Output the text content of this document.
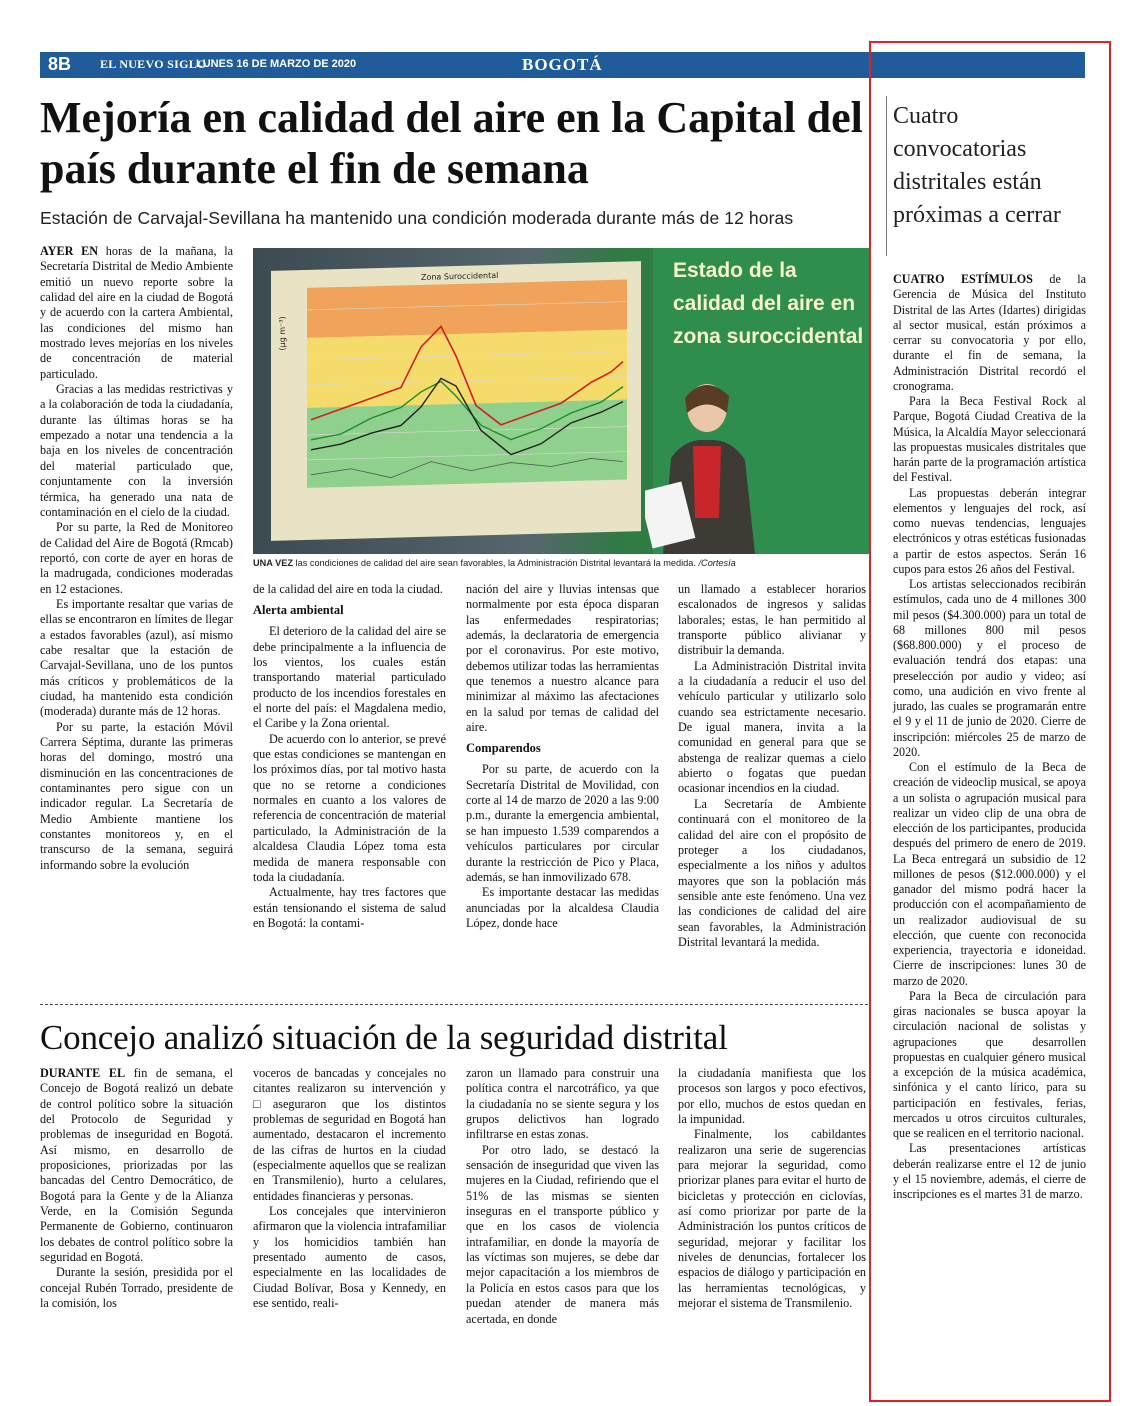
8B EL NUEVO SIGLO
LUNES 16 DE MARZO DE 2020	BOGOTÁ
Mejoría en calidad del aire en la Capital del país durante el fin de semana
Estación de Carvajal-Sevillana ha mantenido una condición moderada durante más de 12 horas

AYER EN horas de la mañana, la Secretaría Distrital de Medio Ambiente emitió un nuevo reporte sobre la calidad del aire en la ciudad de Bogotá y de acuerdo con la cartera Ambiental, las condiciones del mismo han mostrado leves mejorías en los niveles de concentración de material particulado.

Gracias a las medidas restrictivas y a la colaboración de toda la ciudadanía, durante las últimas horas se ha empezado a notar una tendencia a la baja en los niveles de concentración del material particulado que, conjuntamente con la inversión térmica, ha generado una nata de contaminación en el cielo de la ciudad.

Por su parte, la Red de Monitoreo de Calidad del Aire de Bogotá (Rmcab) reportó, con corte de ayer en horas de la madrugada, condiciones moderadas en 12 estaciones.

Es importante resaltar que varias de ellas se encontraron en límites de llegar a estados favorables (azul), así mismo cabe resaltar que la estación de Carvajal-Sevillana, uno de los puntos más críticos y problemáticos de la ciudad, ha mantenido esta condición (moderada) durante más de 12 horas.

Por su parte, la estación Móvil Carrera Séptima, durante las primeras horas del domingo, mostró una disminución en las concentraciones de contaminantes pero sigue con un indicador regular. La Secretaría de Medio Ambiente mantiene los constantes monitoreos y, en el transcurso de la semana, seguirá informando sobre la evolución

Zona Suroccidental
(μg m⁻³)
Estado de la calidad del aire en zona suroccidental
UNA VEZ las condiciones de calidad del aire sean favorables, la Administración Distrital levantará la medida. /Cortesía

de la calidad del aire en toda la ciudad.

Alerta ambiental

El deterioro de la calidad del aire se debe principalmente a la influencia de los vientos, los cuales están transportando material particulado producto de los incendios forestales en el norte del país: el Magdalena medio, el Caribe y la Zona oriental.

De acuerdo con lo anterior, se prevé que estas condiciones se mantengan en los próximos días, por tal motivo hasta que no se retorne a condiciones normales en cuanto a los valores de referencia de concentración de material particulado, la Administración de la alcaldesa Claudia López toma esta medida de manera responsable con toda la ciudadanía.

Actualmente, hay tres factores que están tensionando el sistema de salud en Bogotá: la contami-

nación del aire y lluvias intensas que normalmente por esta época disparan las enfermedades respiratorias; además, la declaratoria de emergencia por el coronavirus. Por este motivo, debemos utilizar todas las herramientas que tenemos a nuestro alcance para minimizar al máximo las afectaciones en la salud por temas de calidad del aire.

Comparendos

Por su parte, de acuerdo con la Secretaría Distrital de Movilidad, con corte al 14 de marzo de 2020 a las 9:00 p.m., durante la emergencia ambiental, se han impuesto 1.539 comparendos a vehículos particulares por circular durante la restricción de Pico y Placa, además, se han inmovilizado 678.

Es importante destacar las medidas anunciadas por la alcaldesa Claudia López, donde hace

un llamado a establecer horarios escalonados de ingresos y salidas laborales; estas, le han permitido al transporte público alivianar y distribuir la demanda.

La Administración Distrital invita a la ciudadanía a reducir el uso del vehículo particular y utilizarlo solo cuando sea estrictamente necesario. De igual manera, invita a la comunidad en general para que se abstenga de realizar quemas a cielo abierto o fogatas que puedan ocasionar incendios en la ciudad.

La Secretaría de Ambiente continuará con el monitoreo de la calidad del aire con el propósito de proteger a los ciudadanos, especialmente a los niños y adultos mayores que son la población más sensible ante este fenómeno. Una vez las condiciones de calidad del aire sean favorables, la Administración Distrital levantará la medida.

Concejo analizó situación de la seguridad distrital

DURANTE EL fin de semana, el Concejo de Bogotá realizó un debate de control político sobre la situación del Protocolo de Seguridad y problemas de inseguridad en Bogotá. Así mismo, en desarrollo de proposiciones, priorizadas por las bancadas del Centro Democrático, de Bogotá para la Gente y de la Alianza Verde, en la Comisión Segunda Permanente de Gobierno, continuaron los debates de control político sobre la seguridad en Bogotá.

Durante la sesión, presidida por el concejal Rubén Torrado, presidente de la comisión, los

voceros de bancadas y concejales no citantes realizaron su intervención y □aseguraron que los distintos problemas de seguridad en Bogotá han aumentado, destacaron el incremento de las cifras de hurtos en la ciudad (especialmente aquellos que se realizan en Transmilenio), hurto a celulares, entidades financieras y personas.

Los concejales que intervinieron afirmaron que la violencia intrafamiliar y los homicidios también han presentado aumento de casos, especialmente en las localidades de Ciudad Bolívar, Bosa y Kennedy, en ese sentido, reali-

zaron un llamado para construir una política contra el narcotráfico, ya que la ciudadanía no se siente segura y los grupos delictivos han logrado infiltrarse en estas zonas.

Por otro lado, se destacó la sensación de inseguridad que viven las mujeres en la Ciudad, refiriendo que el 51% de las mismas se sienten inseguras en el transporte público y que en los casos de violencia intrafamiliar, en donde la mayoría de las víctimas son mujeres, se debe dar mejor capacitación a los miembros de la Policía en estos casos para que los puedan atender de manera más acertada, en donde

la ciudadanía manifiesta que los procesos son largos y poco efectivos, por ello, muchos de estos quedan en la impunidad.

Finalmente, los cabildantes realizaron una serie de sugerencias para mejorar la seguridad, como priorizar planes para evitar el hurto de bicicletas y protección en ciclovías, así como priorizar por parte de la Administración los puntos críticos de seguridad, mejorar y facilitar los niveles de denuncias, fortalecer los espacios de diálogo y participación en las herramientas tecnológicas, y mejorar el sistema de Transmilenio.

Cuatro convocatorias distritales están próximas a cerrar

CUATRO ESTÍMULOS de la Gerencia de Música del Instituto Distrital de las Artes (Idartes) dirigidas al sector musical, están próximos a cerrar su convocatoria y por ello, durante el fin de semana, la Administración Distrital recordó el cronograma.

Para la Beca Festival Rock al Parque, Bogotá Ciudad Creativa de la Música, la Alcaldía Mayor seleccionará las propuestas musicales distritales que harán parte de la programación artística del Festival.

Las propuestas deberán integrar elementos y lenguajes del rock, así como nuevas tendencias, lenguajes electrónicos y otras estéticas fusionadas a partir de estos aspectos. Serán 16 cupos para estos 26 años del Festival.

Los artistas seleccionados recibirán estímulos, cada uno de 4 millones 300 mil pesos ($4.300.000) para un total de 68 millones 800 mil pesos ($68.800.000) y el proceso de evaluación tendrá dos etapas: una preselección por audio y video; así como, una audición en vivo frente al jurado, las cuales se programarán entre el 9 y el 11 de junio de 2020. Cierre de inscripción: miércoles 25 de marzo de 2020.

Con el estímulo de la Beca de creación de videoclip musical, se apoya a un solista o agrupación musical para realizar un video clip de una obra de elección de los participantes, producida después del primero de enero de 2019. La Beca entregará un subsidio de 12 millones de pesos ($12.000.000) y el ganador del mismo podrá hacer la producción con el acompañamiento de un realizador audiovisual de su elección, que cuente con reconocida experiencia, trayectoria e idoneidad. Cierre de inscripciones: lunes 30 de marzo de 2020.

Para la Beca de circulación para giras nacionales se busca apoyar la circulación nacional de solistas y agrupaciones que desarrollen propuestas en cualquier género musical a excepción de la música académica, sinfónica y el canto lírico, para su participación en festivales, ferias, mercados u otros circuitos culturales, que se realicen en el territorio nacional.

Las presentaciones artísticas deberán realizarse entre el 12 de junio y el 15 noviembre, además, el cierre de inscripciones es el martes 31 de marzo.
